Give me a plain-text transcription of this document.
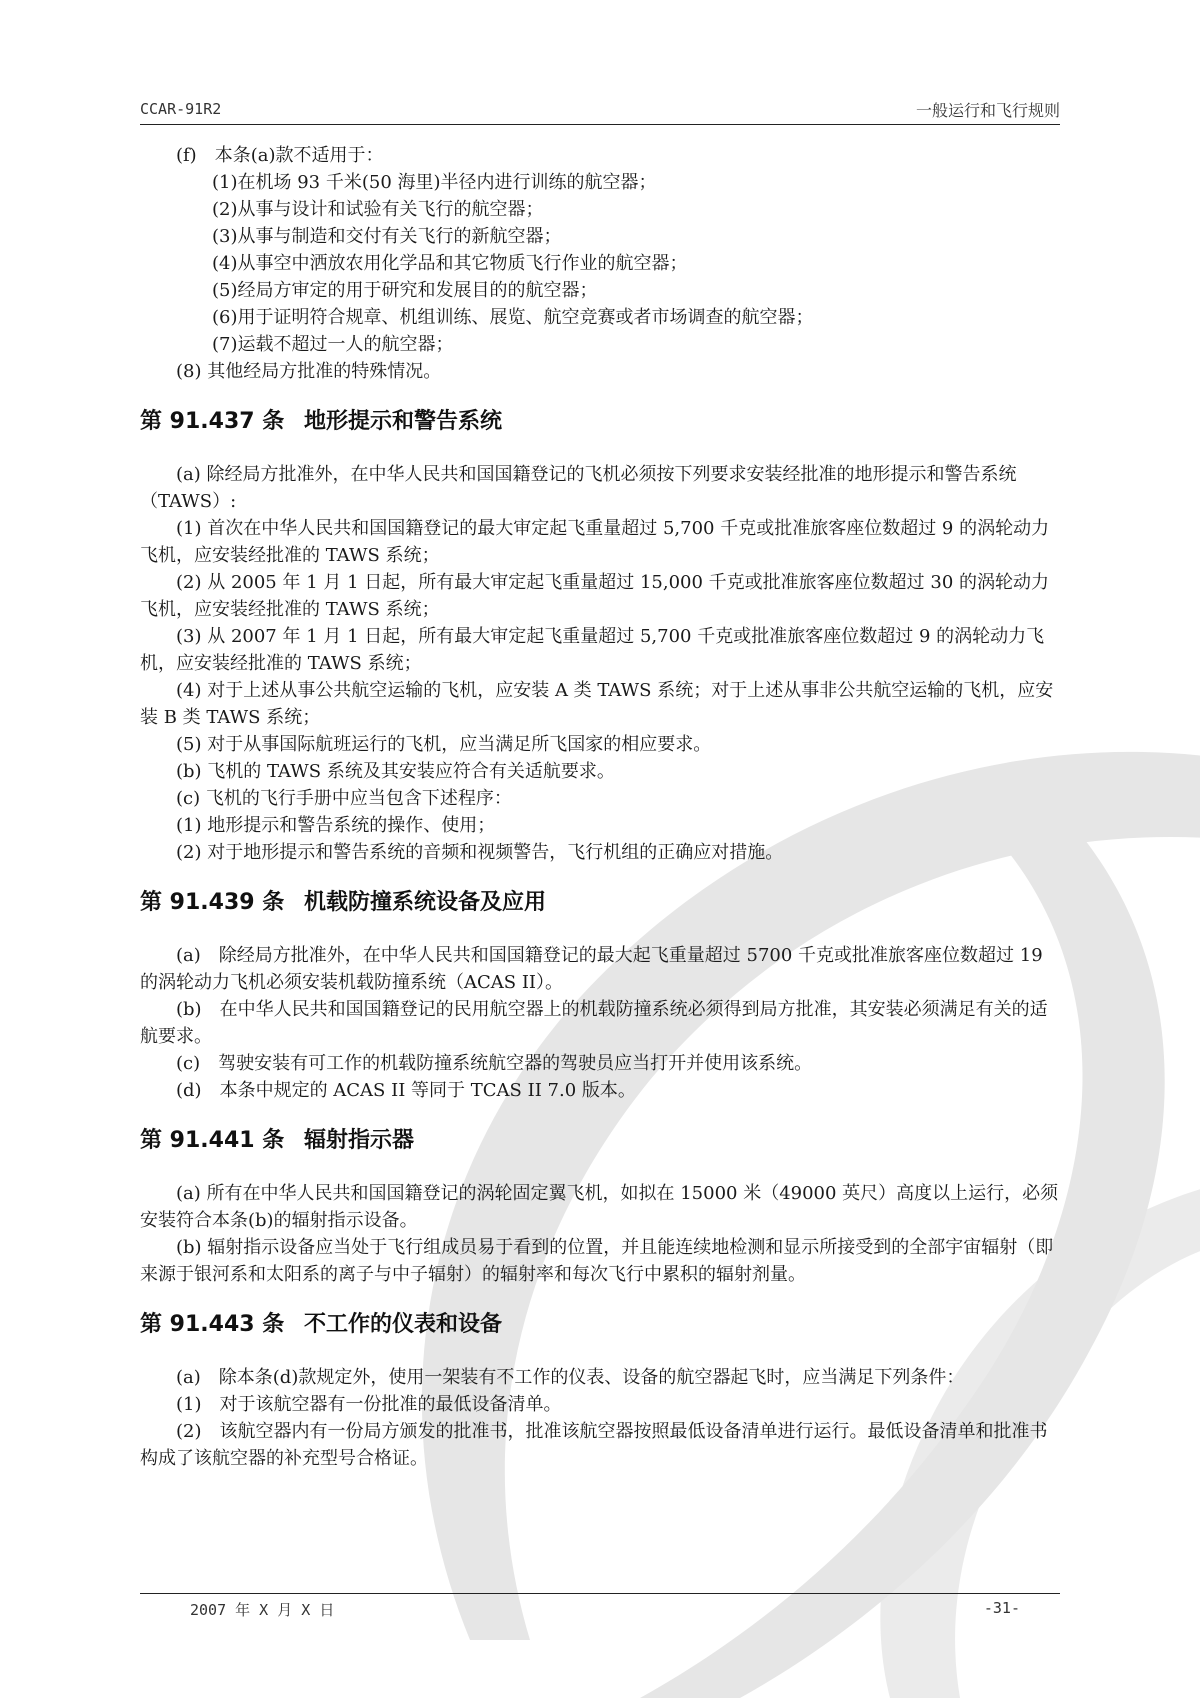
CCAR-91R2	一般运行和飞行规则

(f)　本条(a)款不适用于：

(1)在机场 93 千米(50 海里)半径内进行训练的航空器；

(2)从事与设计和试验有关飞行的航空器；

(3)从事与制造和交付有关飞行的新航空器；

(4)从事空中洒放农用化学品和其它物质飞行作业的航空器；

(5)经局方审定的用于研究和发展目的的航空器；

(6)用于证明符合规章、机组训练、展览、航空竞赛或者市场调查的航空器；

(7)运载不超过一人的航空器；

(8) 其他经局方批准的特殊情况。

第 91.437 条 地形提示和警告系统

(a) 除经局方批准外，在中华人民共和国国籍登记的飞机必须按下列要求安装经批准的地形提示和警告系统（TAWS）:

(1) 首次在中华人民共和国国籍登记的最大审定起飞重量超过 5,700 千克或批准旅客座位数超过 9 的涡轮动力飞机，应安装经批准的 TAWS 系统；

(2) 从 2005 年 1 月 1 日起，所有最大审定起飞重量超过 15,000 千克或批准旅客座位数超过 30 的涡轮动力飞机，应安装经批准的 TAWS 系统；

(3) 从 2007 年 1 月 1 日起，所有最大审定起飞重量超过 5,700 千克或批准旅客座位数超过 9 的涡轮动力飞机，应安装经批准的 TAWS 系统；

(4) 对于上述从事公共航空运输的飞机，应安装 A 类 TAWS 系统；对于上述从事非公共航空运输的飞机，应安装 B 类 TAWS 系统；

(5) 对于从事国际航班运行的飞机，应当满足所飞国家的相应要求。

(b) 飞机的 TAWS 系统及其安装应符合有关适航要求。

(c) 飞机的飞行手册中应当包含下述程序：

(1) 地形提示和警告系统的操作、使用；

(2) 对于地形提示和警告系统的音频和视频警告，飞行机组的正确应对措施。

第 91.439 条 机载防撞系统设备及应用

(a)　除经局方批准外，在中华人民共和国国籍登记的最大起飞重量超过 5700 千克或批准旅客座位数超过 19 的涡轮动力飞机必须安装机载防撞系统（ACAS II）。

(b)　在中华人民共和国国籍登记的民用航空器上的机载防撞系统必须得到局方批准，其安装必须满足有关的适航要求。

(c)　驾驶安装有可工作的机载防撞系统航空器的驾驶员应当打开并使用该系统。

(d)　本条中规定的 ACAS II 等同于 TCAS II 7.0 版本。

第 91.441 条 辐射指示器

(a) 所有在中华人民共和国国籍登记的涡轮固定翼飞机，如拟在 15000 米（49000 英尺）高度以上运行，必须安装符合本条(b)的辐射指示设备。

(b) 辐射指示设备应当处于飞行组成员易于看到的位置，并且能连续地检测和显示所接受到的全部宇宙辐射（即来源于银河系和太阳系的离子与中子辐射）的辐射率和每次飞行中累积的辐射剂量。

第 91.443 条 不工作的仪表和设备

(a)　除本条(d)款规定外，使用一架装有不工作的仪表、设备的航空器起飞时，应当满足下列条件：

(1)　对于该航空器有一份批准的最低设备清单。

(2)　该航空器内有一份局方颁发的批准书，批准该航空器按照最低设备清单进行运行。最低设备清单和批准书构成了该航空器的补充型号合格证。

2007 年 X 月 X 日	-31-
